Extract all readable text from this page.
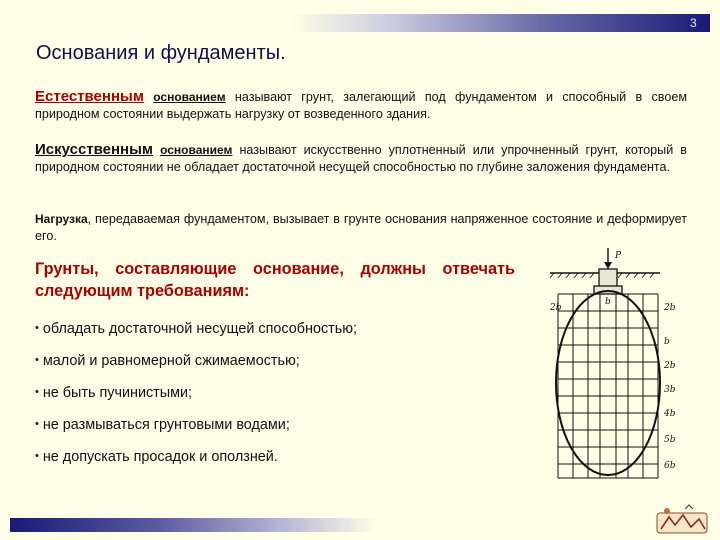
3
Основания и фундаменты.
Естественным основанием называют грунт, залегающий под фундаментом и способный в своем природном состоянии выдержать нагрузку от возведенного здания.
Искусственным основанием называют искусственно уплотненный или упрочненный грунт, который в природном состоянии не обладает достаточной несущей способностью по глубине заложения фундамента.
Нагрузка, передаваемая фундаментом, вызывает в грунте основания напряженное состояние и деформирует его.
Грунты, составляющие основание, должны отвечать следующим требованиям:
• обладать достаточной несущей способностью;
• малой и равномерной сжимаемостью;
• не быть пучинистыми;
• не размываться грунтовыми водами;
• не допускать просадок и оползней.
P
b
2b	2b
b
2b
3b
4b
5b
6b
